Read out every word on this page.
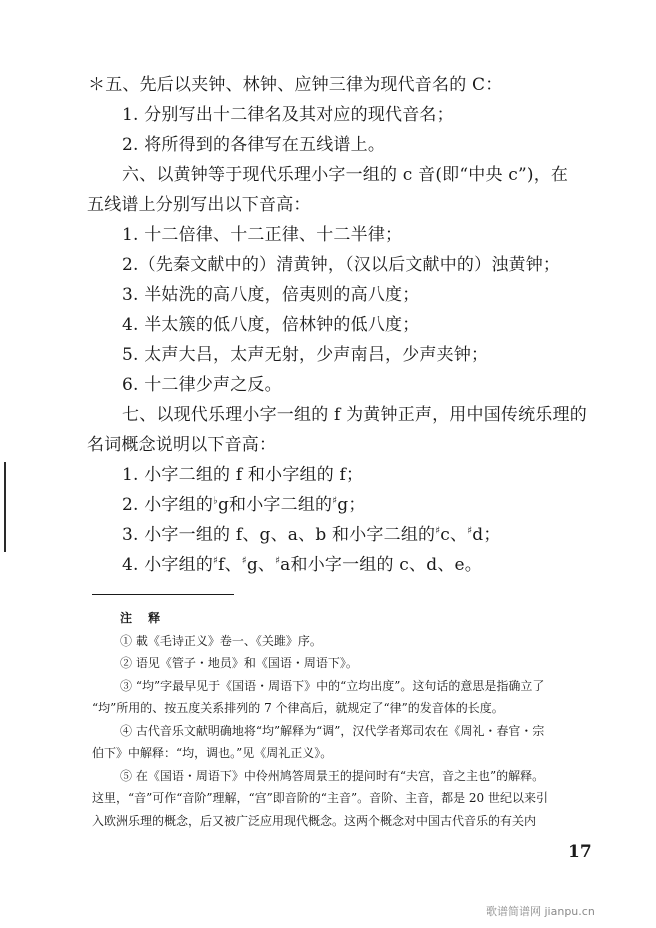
＊五、先后以夹钟、林钟、应钟三律为现代音名的 C：
1. 分别写出十二律名及其对应的现代音名；
2. 将所得到的各律写在五线谱上。
六、以黄钟等于现代乐理小字一组的 c 音(即“中央 c”)，在
五线谱上分别写出以下音高：
1. 十二倍律、十二正律、十二半律；
2.（先秦文献中的）清黄钟，（汉以后文献中的）浊黄钟；
3. 半姑洗的高八度，倍夷则的高八度；
4. 半太簇的低八度，倍林钟的低八度；
5. 太声大吕，太声无射，少声南吕，少声夹钟；
6. 十二律少声之反。
七、以现代乐理小字一组的 f 为黄钟正声，用中国传统乐理的
名词概念说明以下音高：
1. 小字二组的 f 和小字组的 f；
2. 小字组的♭g和小字二组的♯g；
3. 小字一组的 f、g、a、b 和小字二组的♯c、♯d；
4. 小字组的♯f、♯g、♯a和小字一组的 c、d、e。
注 释
① 載《毛诗正义》卷一、《关雎》序。
② 语见《管子・地员》和《国语・周语下》。
③ “均”字最早见于《国语・周语下》中的“立均出度”。这句话的意思是指确立了
“均”所用的、按五度关系排列的 7 个律高后，就规定了“律”的发音体的长度。
④ 古代音乐文献明确地将“均”解释为“调”，汉代学者郑司农在《周礼・春官・宗
伯下》中解释：“均，调也。”见《周礼正义》。
⑤ 在《国语・周语下》中伶州鸠答周景王的提问时有“夫宫，音之主也”的解释。
这里，“音”可作“音阶”理解，“宫”即音阶的“主音”。音阶、主音，都是 20 世纪以来引
入欧洲乐理的概念，后又被广泛应用现代概念。这两个概念对中国古代音乐的有关内
17
歌谱简谱网 jianpu.cn
